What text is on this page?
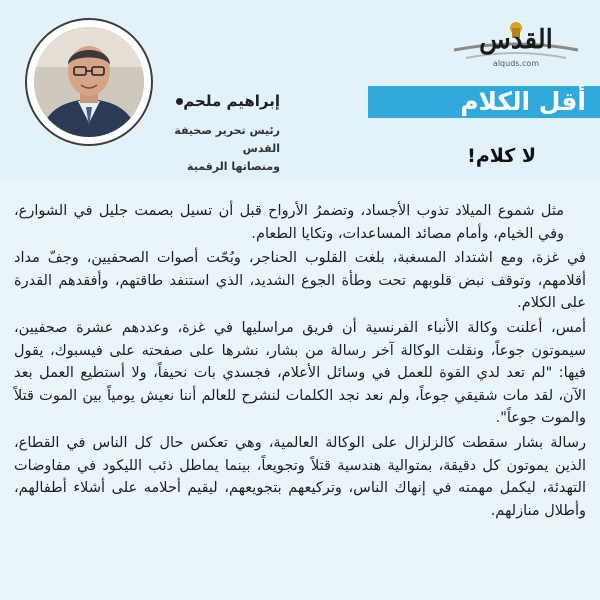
القدس
alquds.com
أقل الكلام
إبراهيم ملحم
رئيس تحرير صحيفة القدس
ومنصاتها الرقمية	لا كلام!

مثل شموع الميلاد تذوب الأجساد، وتضمرُ الأرواح قبل أن تسيل بصمت جليل في الشوارع، وفي الخيام، وأمام مصائد المساعدات، وتكايا الطعام.

في غزة، ومع اشتداد المسغبة، بلغت القلوب الحناجر، وبُحّت أصوات الصحفيين، وجفّ مداد أقلامهم، وتوقف نبض قلوبهم تحت وطأة الجوع الشديد، الذي استنفد طاقتهم، وأفقدهم القدرة على الكلام.

أمس، أعلنت وكالة الأنباء الفرنسية أن فريق مراسليها في غزة، وعددهم عشرة صحفيين، سيموتون جوعاً، ونقلت الوكالة آخر رسالة من بشار، نشرها على صفحته على فيسبوك، يقول فيها: "لم تعد لدي القوة للعمل في وسائل الأعلام، فجسدي بات نحيفاً، ولا أستطيع العمل بعد الآن، لقد مات شقيقي جوعاً، ولم نعد نجد الكلمات لنشرح للعالم أننا نعيش يومياً بين الموت قتلاً والموت جوعاً".

رسالة بشار سقطت كالزلزال على الوكالة العالمية، وهي تعكس حال كل الناس في القطاع، الذين يموتون كل دقيقة، بمتوالية هندسية قتلاً وتجويعاً، بينما يماطل ذئب الليكود في مفاوضات التهدئة، ليكمل مهمته في إنهاك الناس، وتركيعهم بتجويعهم، ليقيم أحلامه على أشلاء أطفالهم، وأطلال منازلهم.
